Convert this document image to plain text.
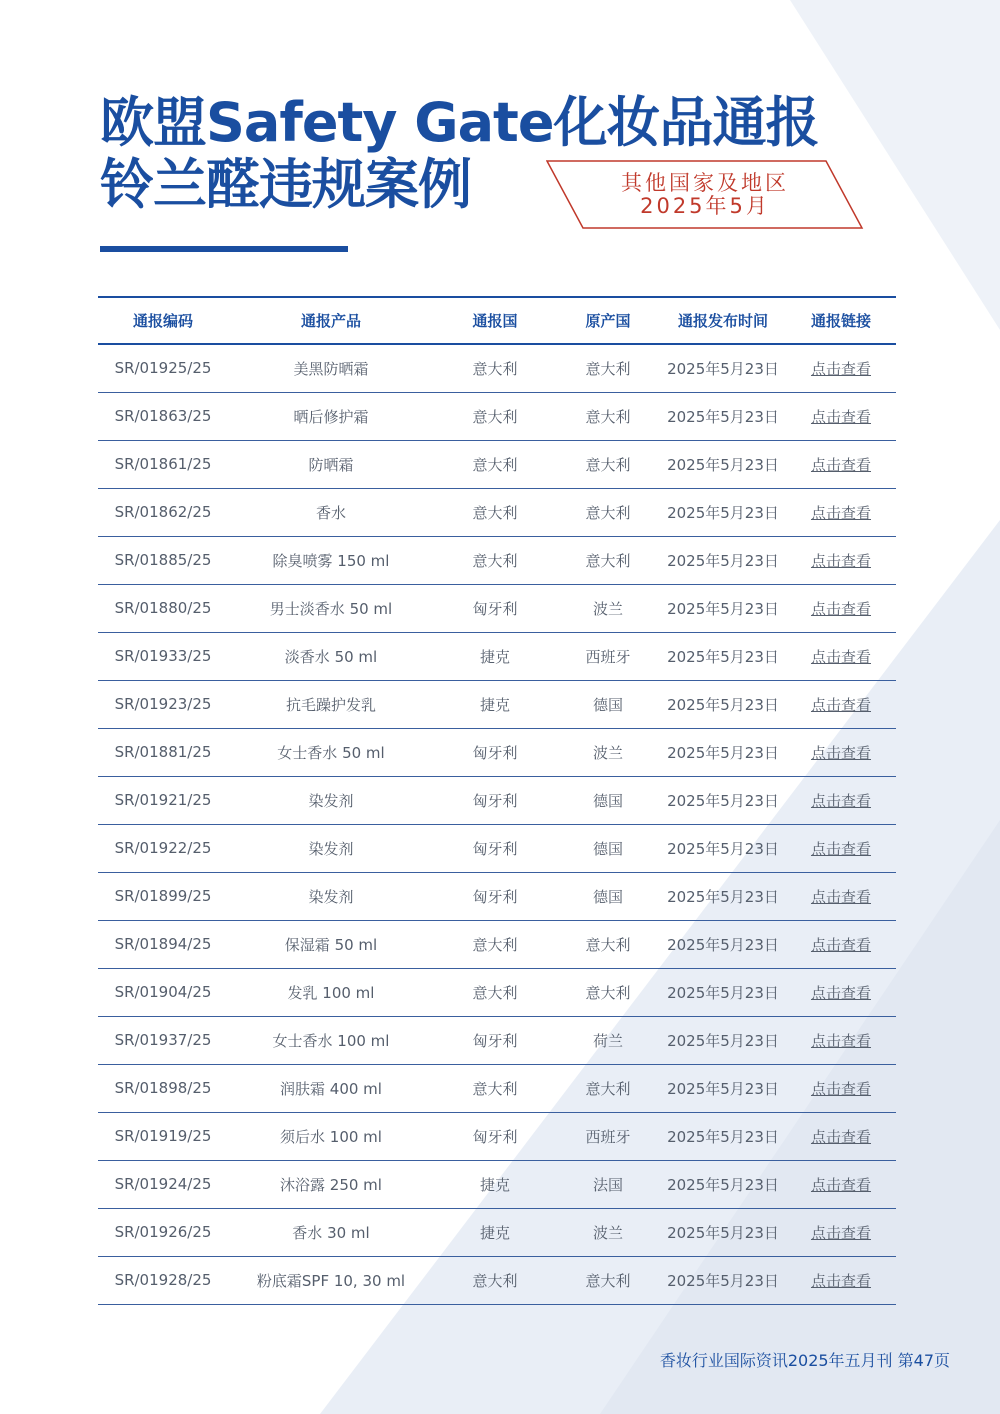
欧盟Safety Gate化妆品通报
铃兰醛违规案例	其他国家及地区
2025年5月
通报编码	通报产品	通报国	原产国	通报发布时间	通报链接
SR/01925/25	美黑防晒霜	意大利	意大利	2025年5月23日	点击查看
SR/01863/25	晒后修护霜	意大利	意大利	2025年5月23日	点击查看
SR/01861/25	防晒霜	意大利	意大利	2025年5月23日	点击查看
SR/01862/25	香水	意大利	意大利	2025年5月23日	点击查看
SR/01885/25	除臭喷雾 150 ml	意大利	意大利	2025年5月23日	点击查看
SR/01880/25	男士淡香水 50 ml	匈牙利	波兰	2025年5月23日	点击查看
SR/01933/25	淡香水 50 ml	捷克	西班牙	2025年5月23日	点击查看
SR/01923/25	抗毛躁护发乳	捷克	德国	2025年5月23日	点击查看
SR/01881/25	女士香水 50 ml	匈牙利	波兰	2025年5月23日	点击查看
SR/01921/25	染发剂	匈牙利	德国	2025年5月23日	点击查看
SR/01922/25	染发剂	匈牙利	德国	2025年5月23日	点击查看
SR/01899/25	染发剂	匈牙利	德国	2025年5月23日	点击查看
SR/01894/25	保湿霜 50 ml	意大利	意大利	2025年5月23日	点击查看
SR/01904/25	发乳 100 ml	意大利	意大利	2025年5月23日	点击查看
SR/01937/25	女士香水 100 ml	匈牙利	荷兰	2025年5月23日	点击查看
SR/01898/25	润肤霜 400 ml	意大利	意大利	2025年5月23日	点击查看
SR/01919/25	须后水 100 ml	匈牙利	西班牙	2025年5月23日	点击查看
SR/01924/25	沐浴露 250 ml	捷克	法国	2025年5月23日	点击查看
SR/01926/25	香水 30 ml	捷克	波兰	2025年5月23日	点击查看
SR/01928/25	粉底霜SPF 10, 30 ml	意大利	意大利	2025年5月23日	点击查看
香妆行业国际资讯2025年五月刊 第47页
